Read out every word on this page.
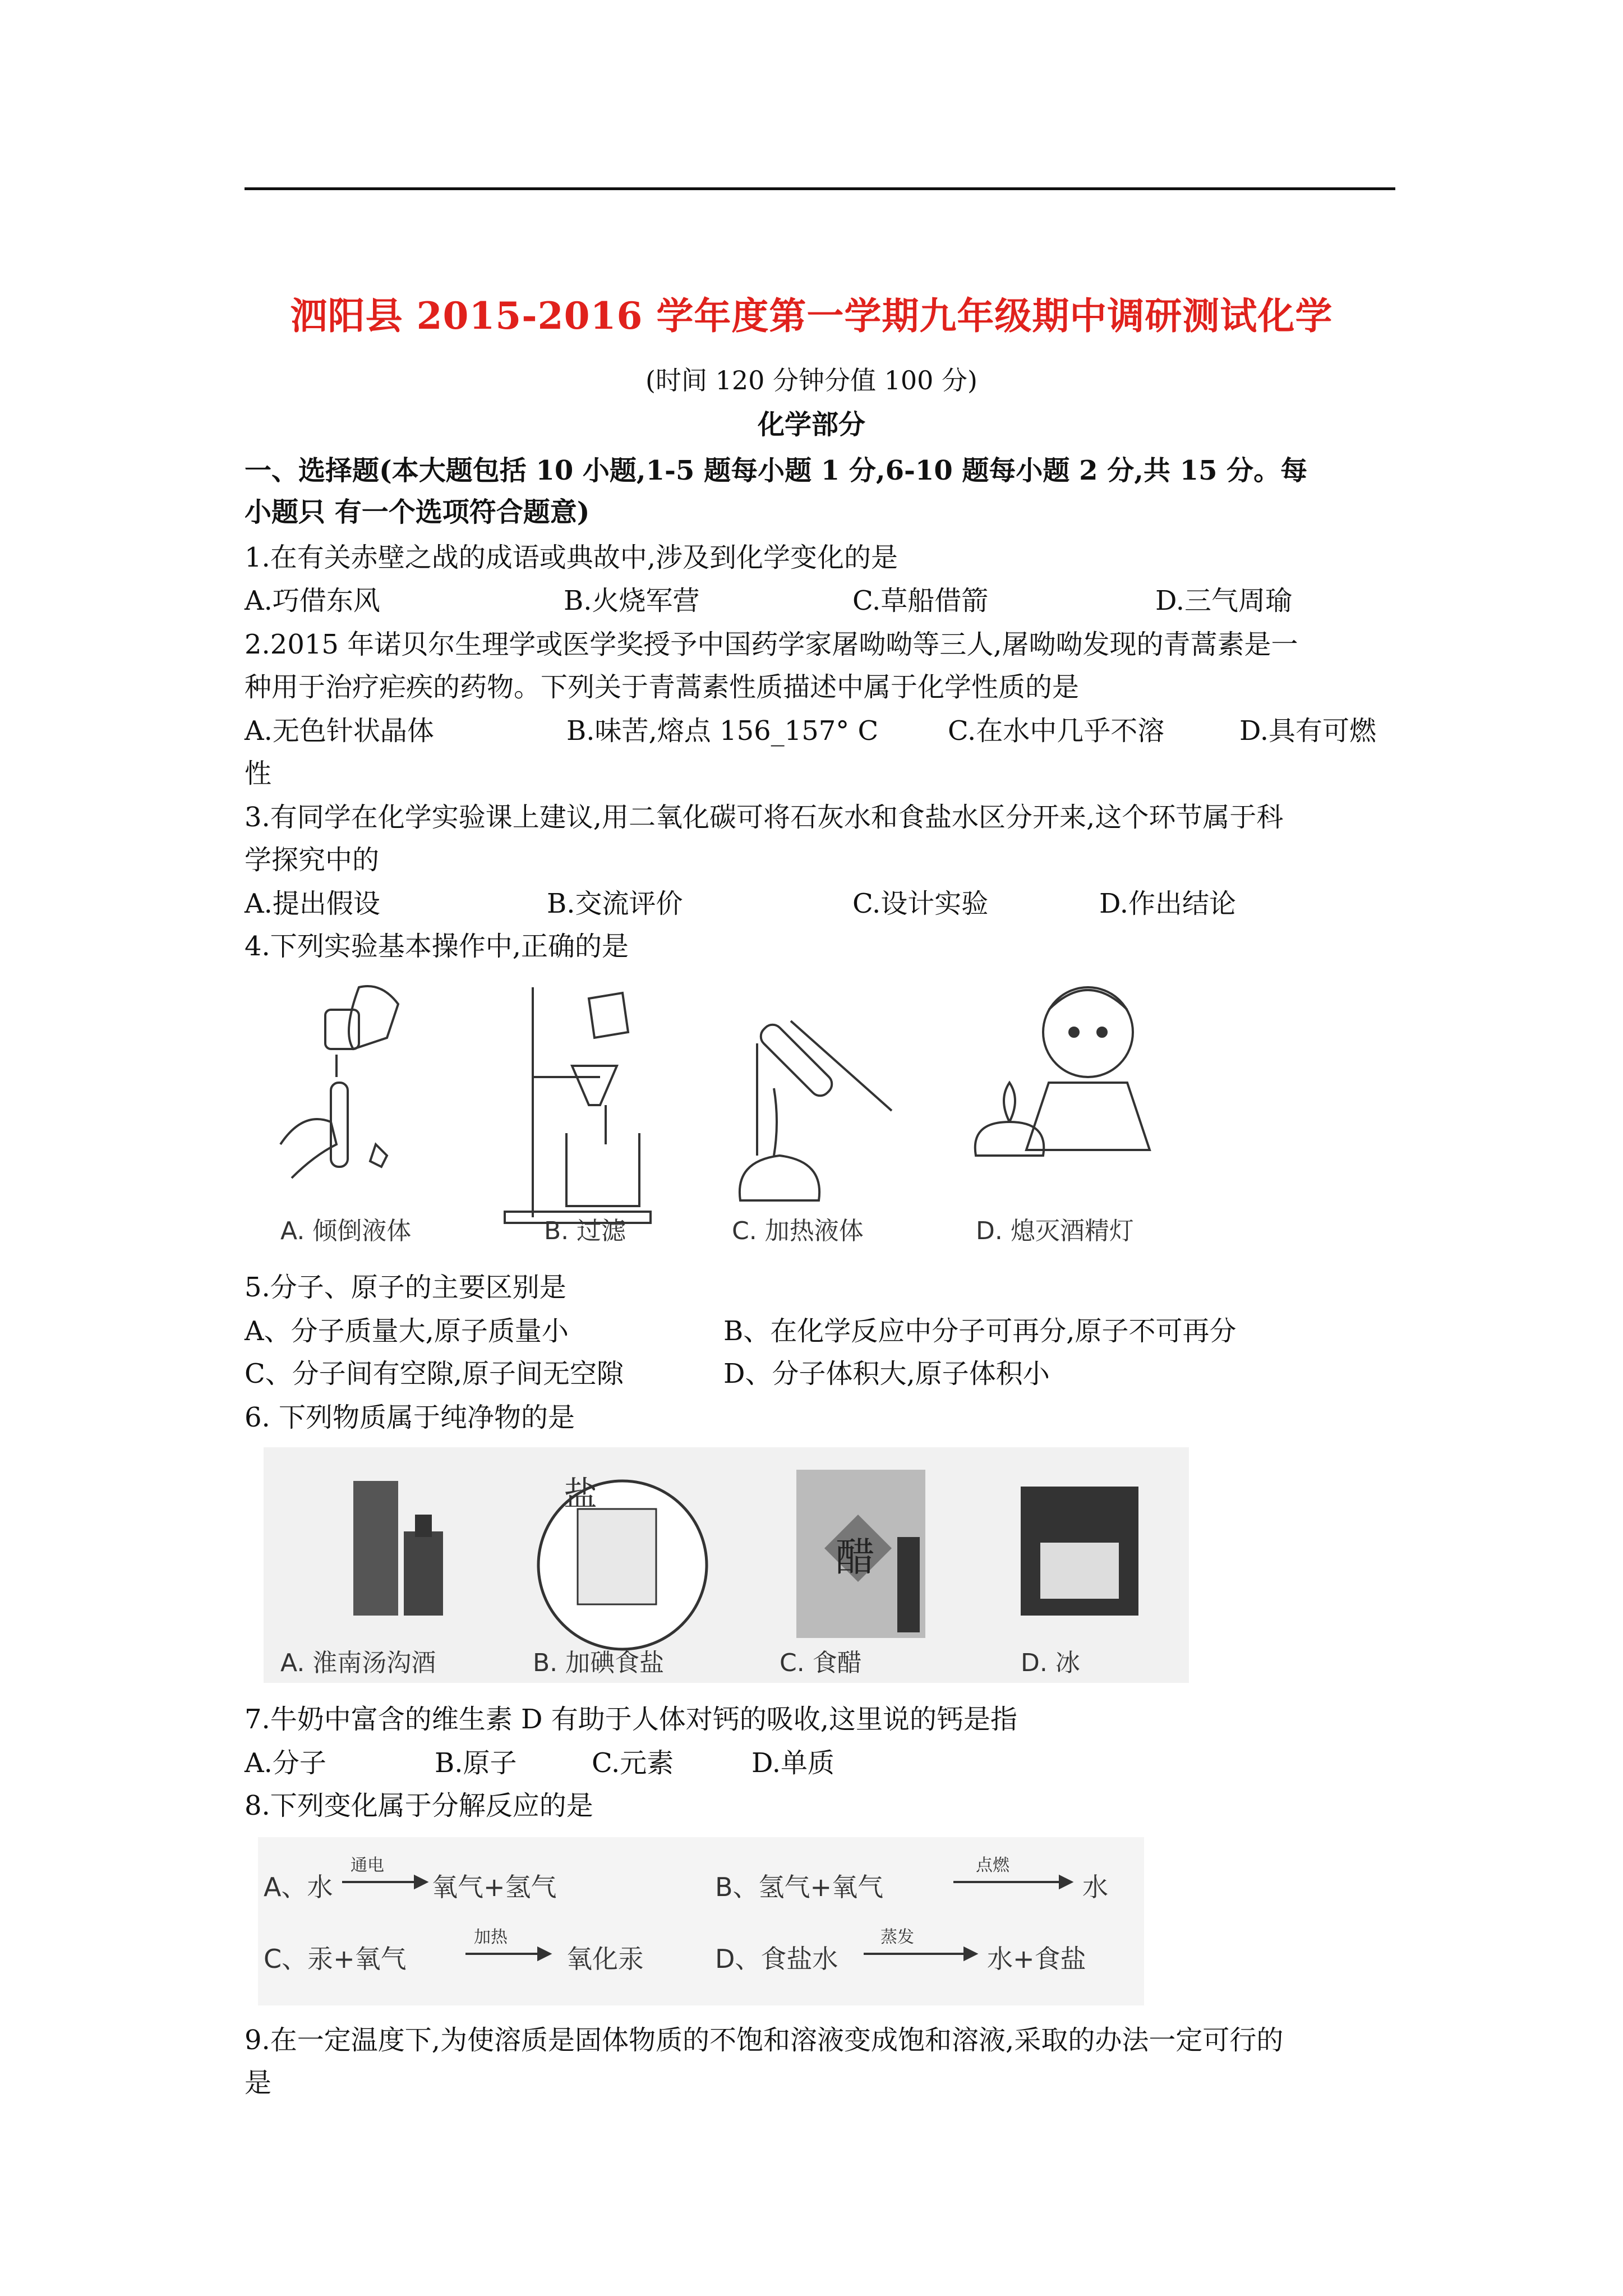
泗阳县 2015-2016 学年度第一学期九年级期中调研测试化学
(时间 120 分钟分值 100 分)
化学部分
一、选择题(本大题包括 10 小题,1-5 题每小题 1 分,6-10 题每小题 2 分,共 15 分。每
小题只 有一个选项符合题意)
1.在有关赤壁之战的成语或典故中,涉及到化学变化的是
A.巧借东风	B.火烧军营	C.草船借箭	D.三气周瑜
2.2015 年诺贝尔生理学或医学奖授予中国药学家屠呦呦等三人,屠呦呦发现的青蒿素是一
种用于治疗疟疾的药物。下列关于青蒿素性质描述中属于化学性质的是
A.无色针状晶体	B.味苦,熔点 156_157° C	C.在水中几乎不溶	D.具有可燃
性
3.有同学在化学实验课上建议,用二氧化碳可将石灰水和食盐水区分开来,这个环节属于科
学探究中的
A.提出假设	B.交流评价	C.设计实验	D.作出结论
4.下列实验基本操作中,正确的是
A. 倾倒液体	B. 过滤	C. 加热液体	D. 熄灭酒精灯
5.分子、原子的主要区别是
A、分子质量大,原子质量小	B、在化学反应中分子可再分,原子不可再分
C、分子间有空隙,原子间无空隙	D、分子体积大,原子体积小
6. 下列物质属于纯净物的是
盐
醋
A. 淮南汤沟酒	B. 加碘食盐	C. 食醋	D. 冰
7.牛奶中富含的维生素 D 有助于人体对钙的吸收,这里说的钙是指
A.分子	B.原子	C.元素	D.单质
8.下列变化属于分解反应的是
A、水
通电
氧气+氢气	B、氢气+氧气
点燃
水
C、汞+氧气
加热
氧化汞	D、食盐水
蒸发
水+食盐
9.在一定温度下,为使溶质是固体物质的不饱和溶液变成饱和溶液,采取的办法一定可行的
是
